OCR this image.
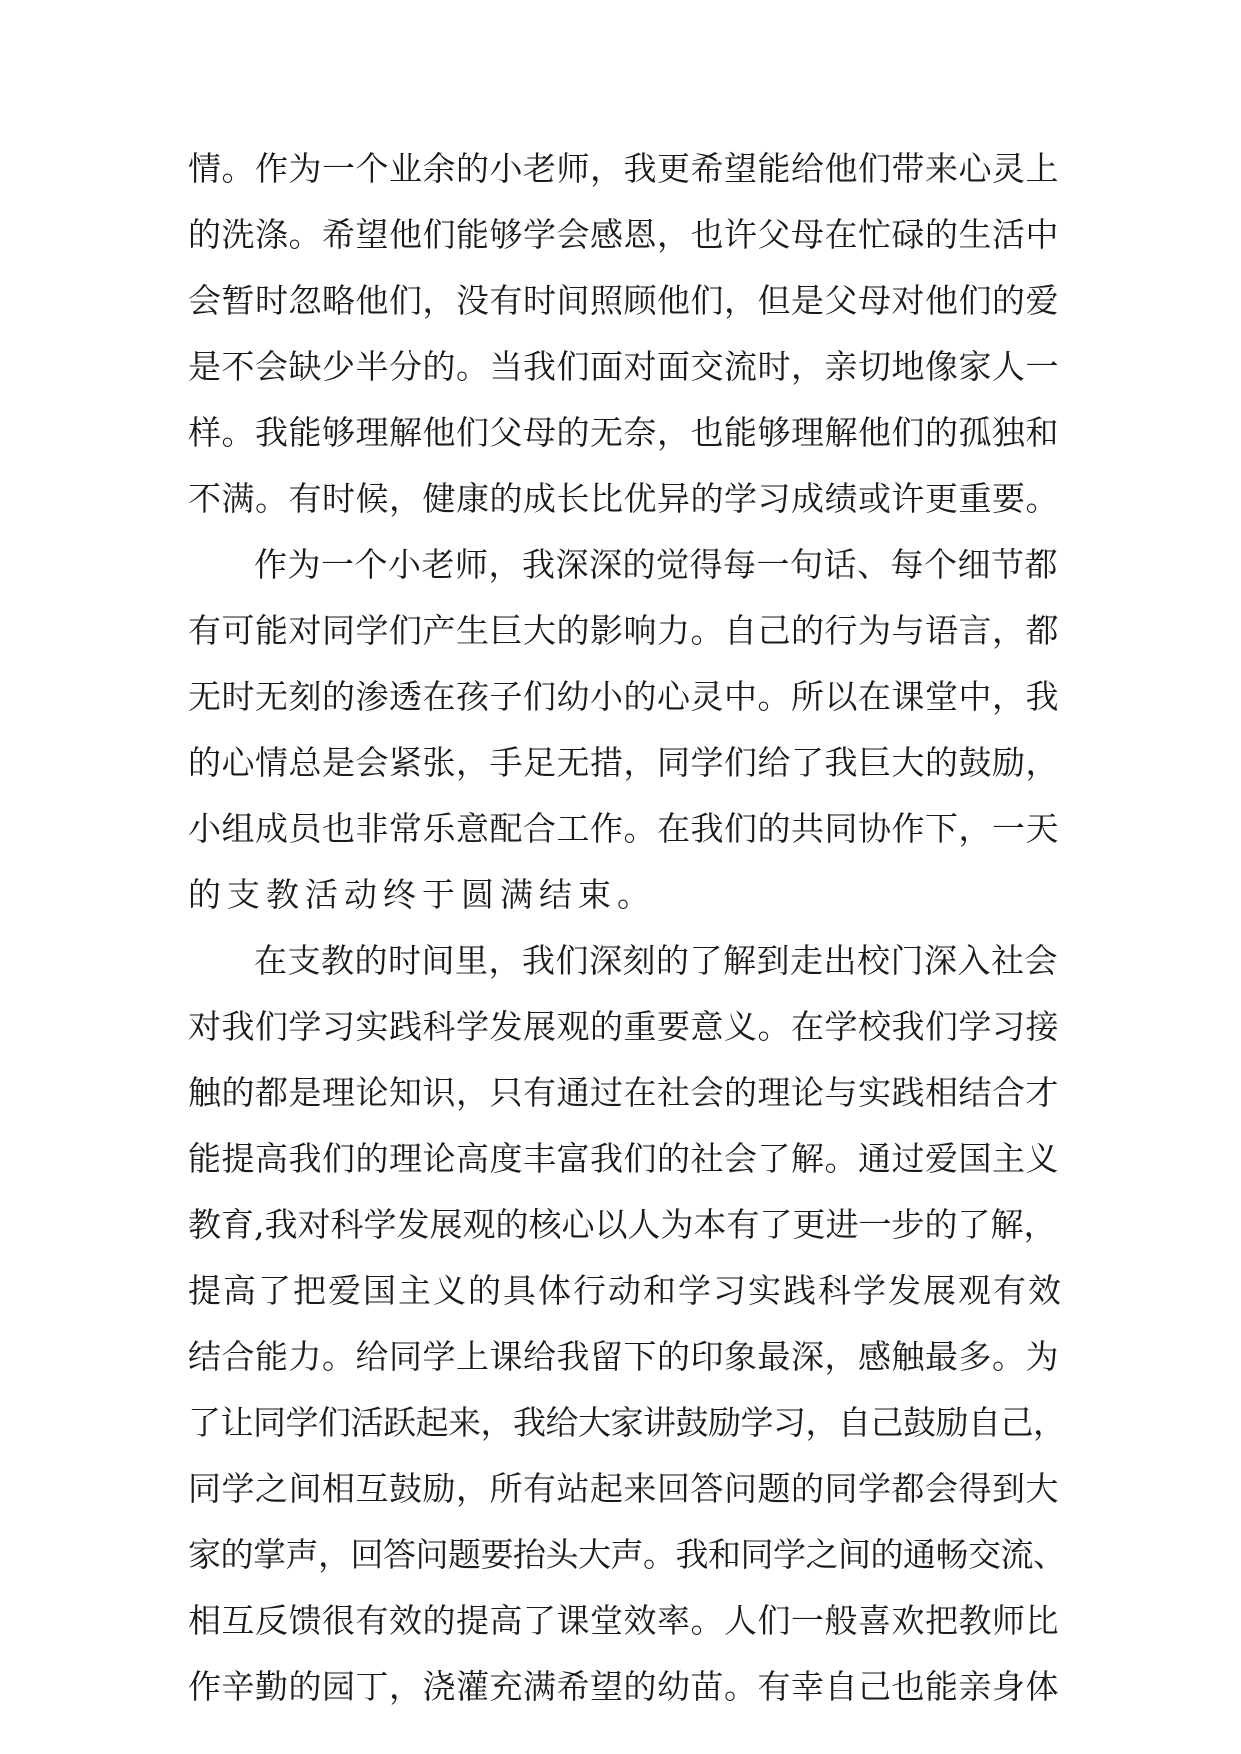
情。作为一个业余的小老师，我更希望能给他们带来心灵上
的洗涤。希望他们能够学会感恩，也许父母在忙碌的生活中
会暂时忽略他们，没有时间照顾他们，但是父母对他们的爱
是不会缺少半分的。当我们面对面交流时，亲切地像家人一
样。我能够理解他们父母的无奈，也能够理解他们的孤独和
不满。有时候，健康的成长比优异的学习成绩或许更重要。
作为一个小老师，我深深的觉得每一句话、每个细节都
有可能对同学们产生巨大的影响力。自己的行为与语言，都
无时无刻的渗透在孩子们幼小的心灵中。所以在课堂中，我
的心情总是会紧张，手足无措，同学们给了我巨大的鼓励，
小组成员也非常乐意配合工作。在我们的共同协作下，一天
的支教活动终于圆满结束。
在支教的时间里，我们深刻的了解到走出校门深入社会
对我们学习实践科学发展观的重要意义。在学校我们学习接
触的都是理论知识，只有通过在社会的理论与实践相结合才
能提高我们的理论高度丰富我们的社会了解。通过爱国主义
教育,我对科学发展观的核心以人为本有了更进一步的了解，
提高了把爱国主义的具体行动和学习实践科学发展观有效
结合能力。给同学上课给我留下的印象最深，感触最多。为
了让同学们活跃起来，我给大家讲鼓励学习，自己鼓励自己，
同学之间相互鼓励，所有站起来回答问题的同学都会得到大
家的掌声，回答问题要抬头大声。我和同学之间的通畅交流、
相互反馈很有效的提高了课堂效率。人们一般喜欢把教师比
作辛勤的园丁，浇灌充满希望的幼苗。有幸自己也能亲身体
